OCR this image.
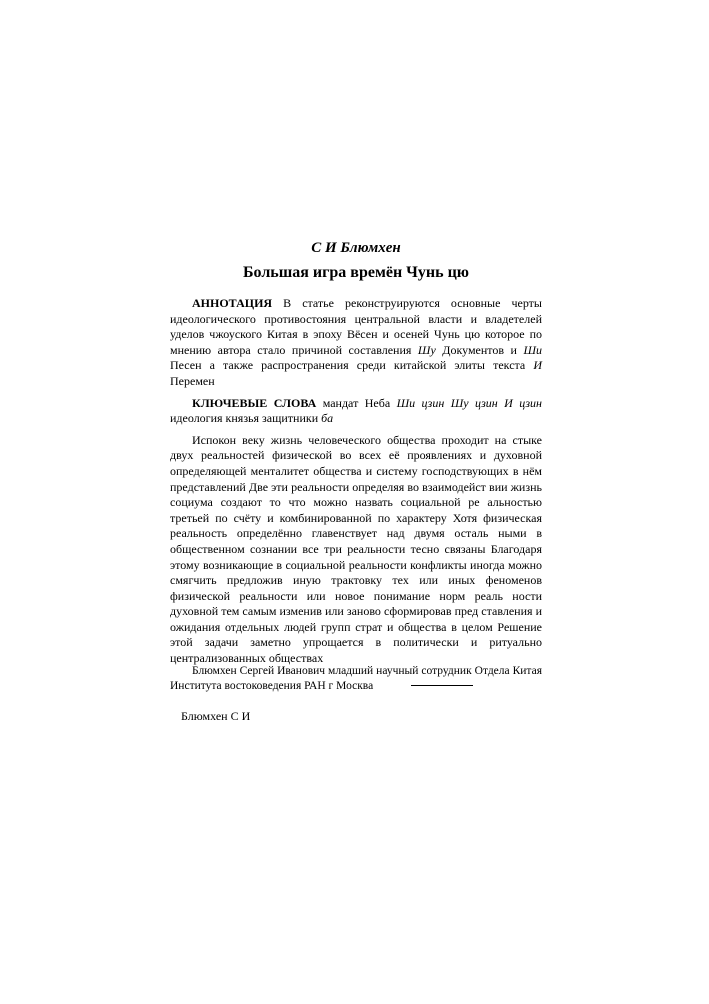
С И Блюмхен
Большая игра времён Чунь цю

АННОТАЦИЯ В статье реконструируются основные черты идеологического противостояния центральной власти и владетелей уделов чжоуского Китая в эпоху Вёсен и осеней Чунь цю которое по мнению автора стало причиной составления Шу Документов и Ши Песен а также распространения среди китайской элиты текста И Перемен

КЛЮЧЕВЫЕ СЛОВА мандат Неба Ши цзин Шу цзин И цзин идеология князья защитники ба

Испокон веку жизнь человеческого общества проходит на стыке двух реальностей физической во всех её проявлениях и духовной определяющей менталитет общества и систему господствующих в нём представлений Две эти реальности определяя во взаимодейст вии жизнь социума создают то что можно назвать социальной ре альностью третьей по счёту и комбинированной по характеру Хотя физическая реальность определённо главенствует над двумя осталь ными в общественном сознании все три реальности тесно связаны Благодаря этому возникающие в социальной реальности конфликты иногда можно смягчить предложив иную трактовку тех или иных феноменов физической реальности или новое понимание норм реаль ности духовной тем самым изменив или заново сформировав пред ставления и ожидания отдельных людей групп страт и общества в целом Решение этой задачи заметно упрощается в политически и ритуально централизованных обществах

Блюмхен Сергей Иванович младший научный сотрудник Отдела Китая Института востоковедения РАН г Москва
Блюмхен С И
